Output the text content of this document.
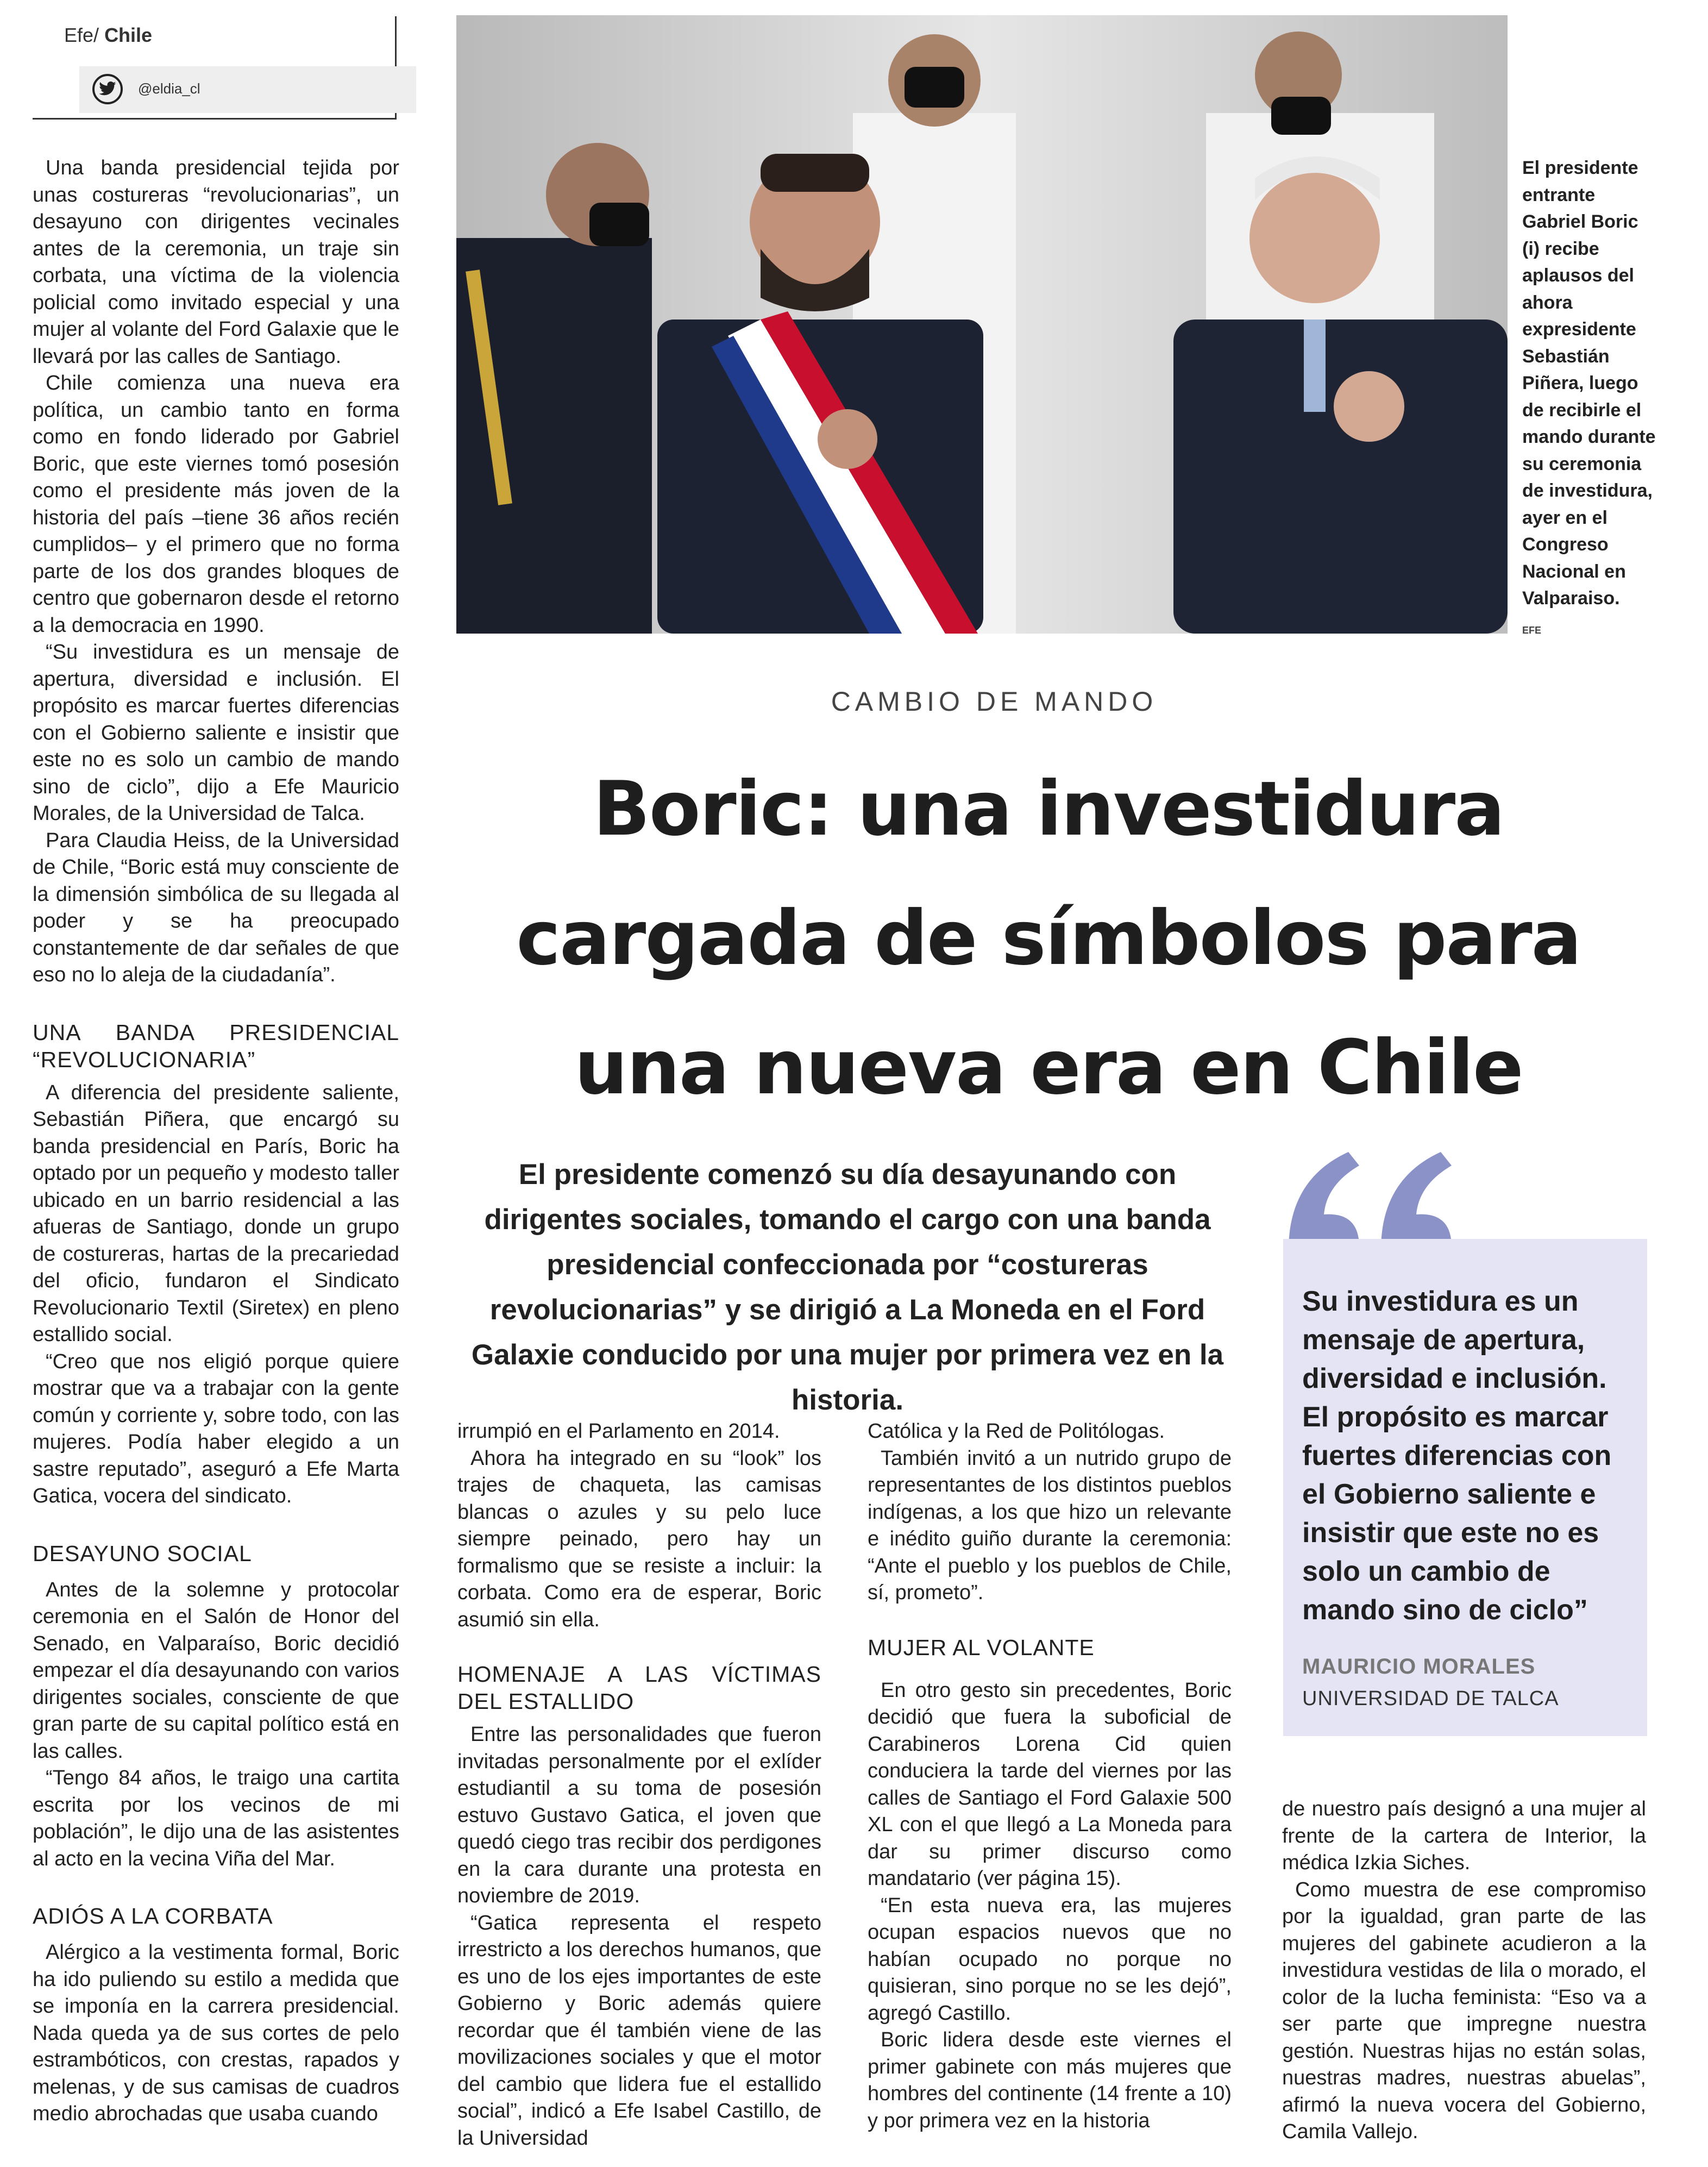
Efe/ Chile
@eldia_cl

Una banda presidencial tejida por unas costureras “revolucionarias”, un desayuno con dirigentes vecinales antes de la ceremonia, un traje sin corbata, una víctima de la violencia policial como invitado especial y una mujer al volante del Ford Galaxie que le llevará por las calles de Santiago.

Chile comienza una nueva era política, un cambio tanto en forma como en fondo liderado por Gabriel Boric, que este viernes tomó posesión como el presidente más joven de la historia del país –tiene 36 años recién cumplidos– y el primero que no forma parte de los dos grandes bloques de centro que gobernaron desde el retorno a la democracia en 1990.

“Su investidura es un mensaje de apertura, diversidad e inclusión. El propósito es marcar fuertes diferencias con el Gobierno saliente e insistir que este no es solo un cambio de mando sino de ciclo”, dijo a Efe Mauricio Morales, de la Universidad de Talca.

Para Claudia Heiss, de la Universidad de Chile, “Boric está muy consciente de la dimensión simbólica de su llegada al poder y se ha preocupado constantemente de dar señales de que eso no lo aleja de la ciudadanía”.

UNA BANDA PRESIDENCIAL “REVOLUCIONARIA”

A diferencia del presidente saliente, Sebastián Piñera, que encargó su banda presidencial en París, Boric ha optado por un pequeño y modesto taller ubicado en un barrio residencial a las afueras de Santiago, donde un grupo de costureras, hartas de la precariedad del oficio, fundaron el Sindicato Revolucionario Textil (Siretex) en pleno estallido social.

“Creo que nos eligió porque quiere mostrar que va a trabajar con la gente común y corriente y, sobre todo, con las mujeres. Podía haber elegido a un sastre reputado”, aseguró a Efe Marta Gatica, vocera del sindicato.

DESAYUNO SOCIAL

Antes de la solemne y protocolar ceremonia en el Salón de Honor del Senado, en Valparaíso, Boric decidió empezar el día desayunando con varios dirigentes sociales, consciente de que gran parte de su capital político está en las calles.

“Tengo 84 años, le traigo una cartita escrita por los vecinos de mi población”, le dijo una de las asistentes al acto en la vecina Viña del Mar.

ADIÓS A LA CORBATA

Alérgico a la vestimenta formal, Boric ha ido puliendo su estilo a medida que se imponía en la carrera presidencial. Nada queda ya de sus cortes de pelo estrambóticos, con crestas, rapados y melenas, y de sus camisas de cuadros medio abrochadas que usaba cuando

El presidente entrante Gabriel Boric (i) recibe aplausos del ahora expresidente Sebastián Piñera, luego de recibirle el mando durante su ceremonia de investidura, ayer en el Congreso Nacional en Valparaiso.
EFE
CAMBIO DE MANDO
Boric: una investidura cargada de símbolos para una nueva era en Chile
El presidente comenzó su día desayunando con dirigentes sociales, tomando el cargo con una banda presidencial confeccionada por “costureras revolucionarias” y se dirigió a La Moneda en el Ford Galaxie conducido por una mujer por primera vez en la historia.
Su investidura es un mensaje de apertura, diversidad e inclusión. El propósito es marcar fuertes diferencias con el Gobierno saliente e insistir que este no es solo un cambio de mando sino de ciclo”
MAURICIO MORALES
UNIVERSIDAD DE TALCA

irrumpió en el Parlamento en 2014.

Ahora ha integrado en su “look” los trajes de chaqueta, las camisas blancas o azules y su pelo luce siempre peinado, pero hay un formalismo que se resiste a incluir: la corbata. Como era de esperar, Boric asumió sin ella.

HOMENAJE A LAS VÍCTIMAS DEL ESTALLIDO

Entre las personalidades que fueron invitadas personalmente por el exlíder estudiantil a su toma de posesión estuvo Gustavo Gatica, el joven que quedó ciego tras recibir dos perdigones en la cara durante una protesta en noviembre de 2019.

“Gatica representa el respeto irrestricto a los derechos humanos, que es uno de los ejes importantes de este Gobierno y Boric además quiere recordar que él también viene de las movilizaciones sociales y que el motor del cambio que lidera fue el estallido social”, indicó a Efe Isabel Castillo, de la Universidad

Católica y la Red de Politólogas.

También invitó a un nutrido grupo de representantes de los distintos pueblos indígenas, a los que hizo un relevante e inédito guiño durante la ceremonia: “Ante el pueblo y los pueblos de Chile, sí, prometo”.

MUJER AL VOLANTE

En otro gesto sin precedentes, Boric decidió que fuera la suboficial de Carabineros Lorena Cid quien conduciera la tarde del viernes por las calles de Santiago el Ford Galaxie 500 XL con el que llegó a La Moneda para dar su primer discurso como mandatario (ver página 15).

“En esta nueva era, las mujeres ocupan espacios nuevos que no habían ocupado no porque no quisieran, sino porque no se les dejó”, agregó Castillo.

Boric lidera desde este viernes el primer gabinete con más mujeres que hombres del continente (14 frente a 10) y por primera vez en la historia

de nuestro país designó a una mujer al frente de la cartera de Interior, la médica Izkia Siches.

Como muestra de ese compromiso por la igualdad, gran parte de las mujeres del gabinete acudieron a la investidura vestidas de lila o morado, el color de la lucha feminista: “Eso va a ser parte que impregne nuestra gestión. Nuestras hijas no están solas, nuestras madres, nuestras abuelas”, afirmó la nueva vocera del Gobierno, Camila Vallejo.
